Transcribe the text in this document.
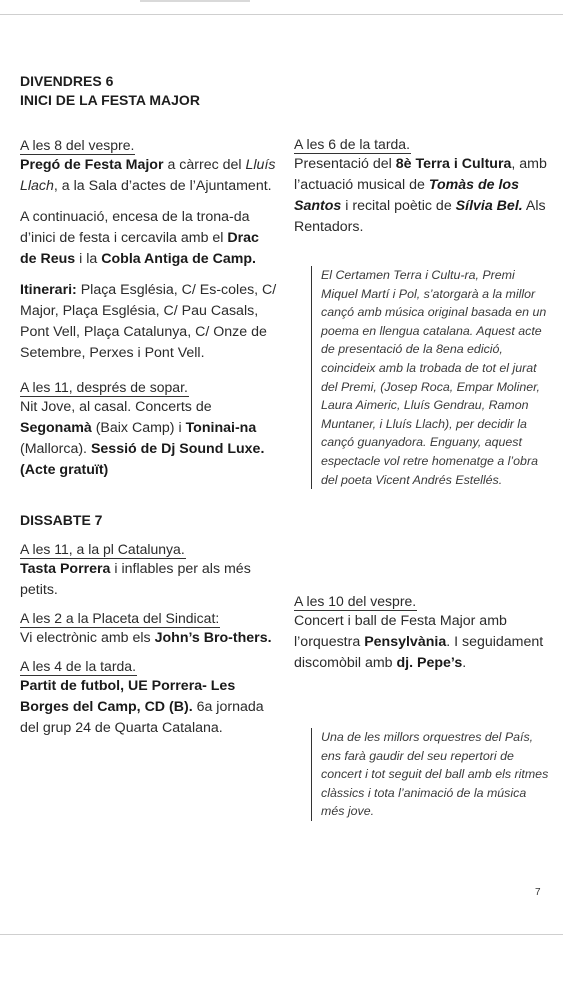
DIVENDRES 6
INICI DE LA FESTA MAJOR
A les 8 del vespre.

Pregó de Festa Major a càrrec del Lluís Llach, a la Sala d’actes de l’Ajuntament.

A continuació, encesa de la trona-da d’inici de festa i cercavila amb el Drac de Reus i la Cobla Antiga de Camp.

Itinerari: Plaça Església, C/ Es-coles, C/ Major, Plaça Església, C/ Pau Casals, Pont Vell, Plaça Catalunya, C/ Onze de Setembre, Perxes i Pont Vell.

A les 11, després de sopar.

Nit Jove, al casal. Concerts de Segonamà (Baix Camp) i Toninai-na (Mallorca). Sessió de Dj Sound Luxe. (Acte gratuït)

DISSABTE 7
A les 11, a la pl Catalunya.

Tasta Porrera i inflables per als més petits.

A les 2 a la Placeta del Sindicat:

Vi electrònic amb els John’s Bro-thers.

A les 4 de la tarda.

Partit de futbol, UE Porrera- Les Borges del Camp, CD (B). 6a jornada del grup 24 de Quarta Catalana.

A les 6 de la tarda.

Presentació del 8è Terra i Cultura, amb l’actuació musical de Tomàs de los Santos i recital poètic de Sílvia Bel. Als Rentadors.

El Certamen Terra i Cultu-ra, Premi Miquel Martí i Pol, s’atorgarà a la millor cançó amb música original basada en un poema en llengua catalana. Aquest acte de presentació de la 8ena edició, coincideix amb la trobada de tot el jurat del Premi, (Josep Roca, Empar Moliner, Laura Aimeric, Lluís Gendrau, Ramon Muntaner, i Lluís Llach), per decidir la cançó guanyadora. Enguany, aquest espectacle vol retre homenatge a l’obra del poeta Vicent Andrés Estellés.
A les 10 del vespre.

Concert i ball de Festa Major amb l’orquestra Pensylvània. I seguidament discomòbil amb dj. Pepe’s.

Una de les millors orquestres del País, ens farà gaudir del seu repertori de concert i tot seguit del ball amb els ritmes clàssics i tota l’animació de la música més jove.
7
